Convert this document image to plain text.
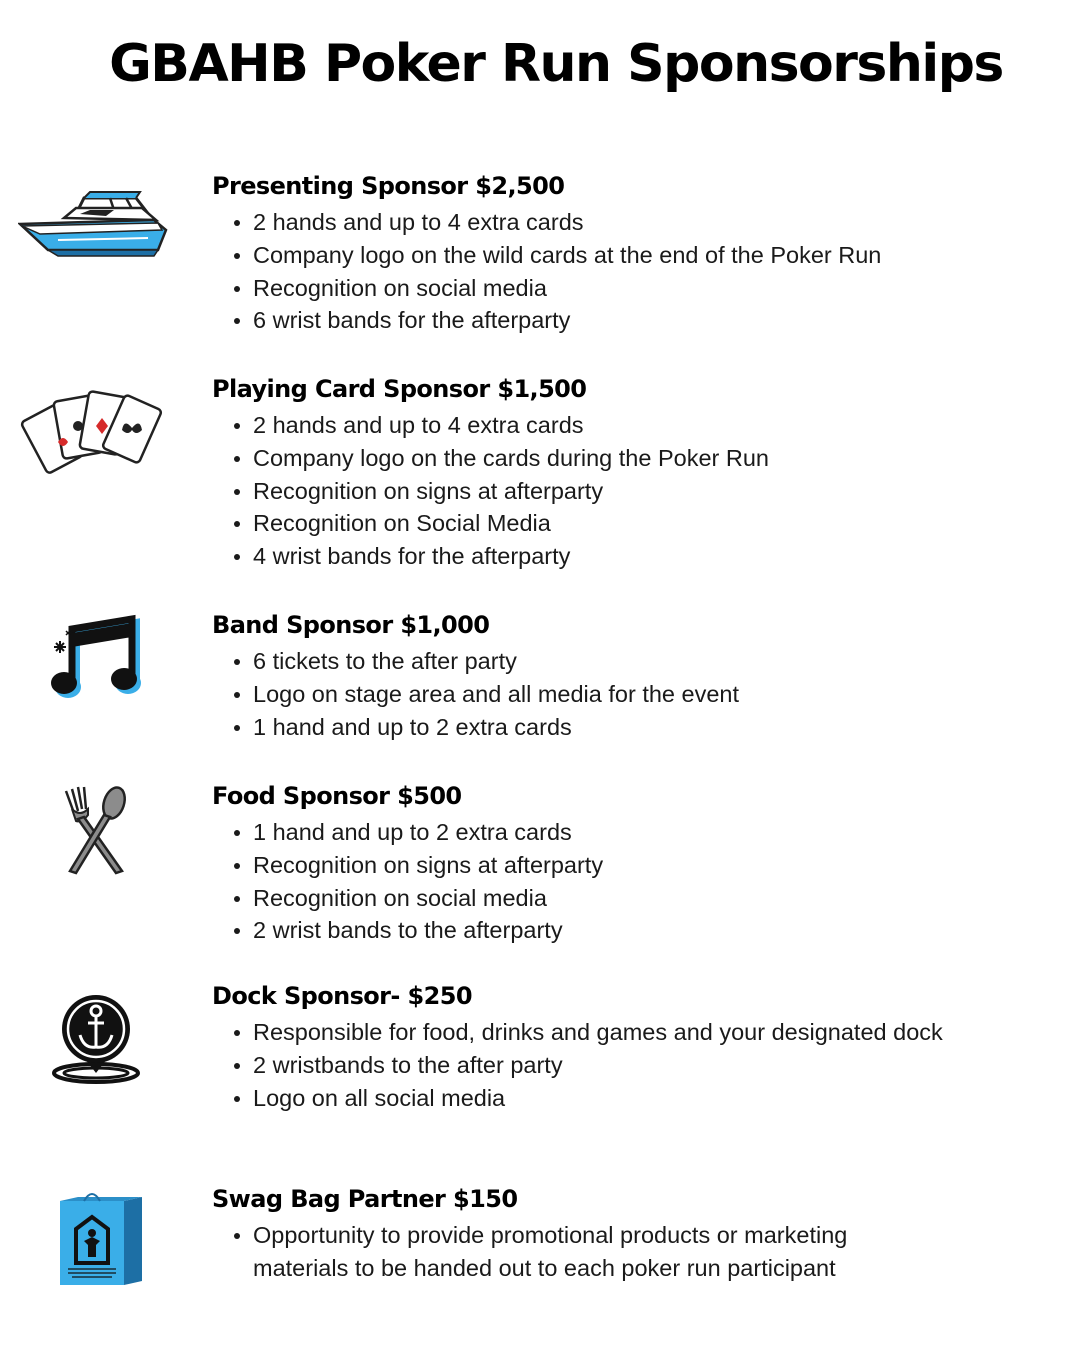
GBAHB Poker Run Sponsorships
Presenting Sponsor $2,500
2 hands and up to 4 extra cards
Company logo on the wild cards at the end of the Poker Run
Recognition on social media
6 wrist bands for the afterparty
Playing Card Sponsor $1,500
2 hands and up to 4 extra cards
Company logo on the cards during the Poker Run
Recognition on signs at afterparty
Recognition on Social Media
4 wrist bands for the afterparty
Band Sponsor $1,000
6 tickets to the after party
Logo on stage area and all media for the event
1 hand and up to 2 extra cards
Food Sponsor $500
1 hand and up to 2 extra cards
Recognition on signs at afterparty
Recognition on social media
2 wrist bands to the afterparty
Dock Sponsor- $250
Responsible for food, drinks and games and your designated dock
2 wristbands to the after party
Logo on all social media
Swag Bag Partner $150
Opportunity to provide promotional products or marketing materials to be handed out to each poker run participant
